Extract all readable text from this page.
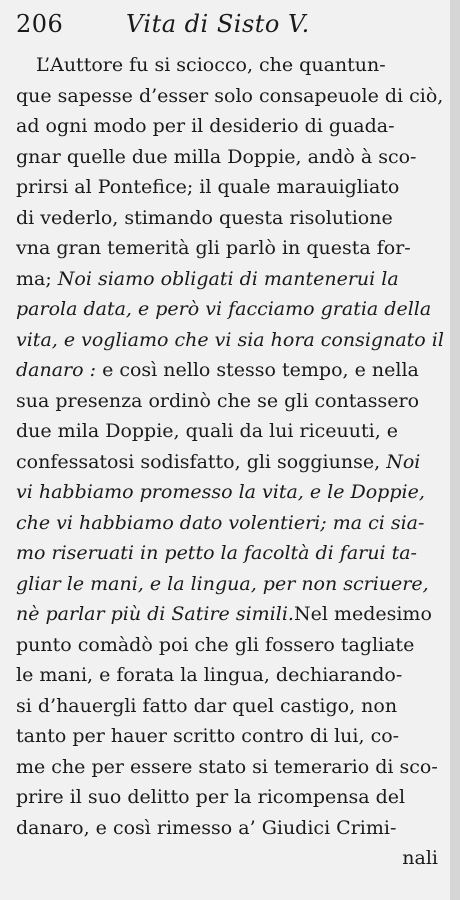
206	Vita di Sisto V.
L’Auttore fu si sciocco, che quantun-
que sapesse d’esser solo consapeuole di ciò,
ad ogni modo per il desiderio di guada-
gnar quelle due milla Doppie, andò à sco-
prirsi al Pontefice; il quale marauigliato
di vederlo, stimando questa risolutione
vna gran temerità gli parlò in questa for-
ma; Noi siamo obligati di mantenerui la
parola data, e però vi facciamo gratia della
vita, e vogliamo che vi sia hora consignato il
danaro : e così nello stesso tempo, e nella
sua presenza ordinò che se gli contassero
due mila Doppie, quali da lui riceuuti, e
confessatosi sodisfatto, gli soggiunse, Noi
vi habbiamo promesso la vita, e le Doppie,
che vi habbiamo dato volentieri; ma ci sia-
mo riseruati in petto la facoltà di farui ta-
gliar le mani, e la lingua, per non scriuere,
nè parlar più di Satire simili.Nel medesimo
punto comàdò poi che gli fossero tagliate
le mani, e forata la lingua, dechiarando-
si d’hauergli fatto dar quel castigo, non
tanto per hauer scritto contro di lui, co-
me che per essere stato si temerario di sco-
prire il suo delitto per la ricompensa del
danaro, e così rimesso a’ Giudici Crimi-
nali
